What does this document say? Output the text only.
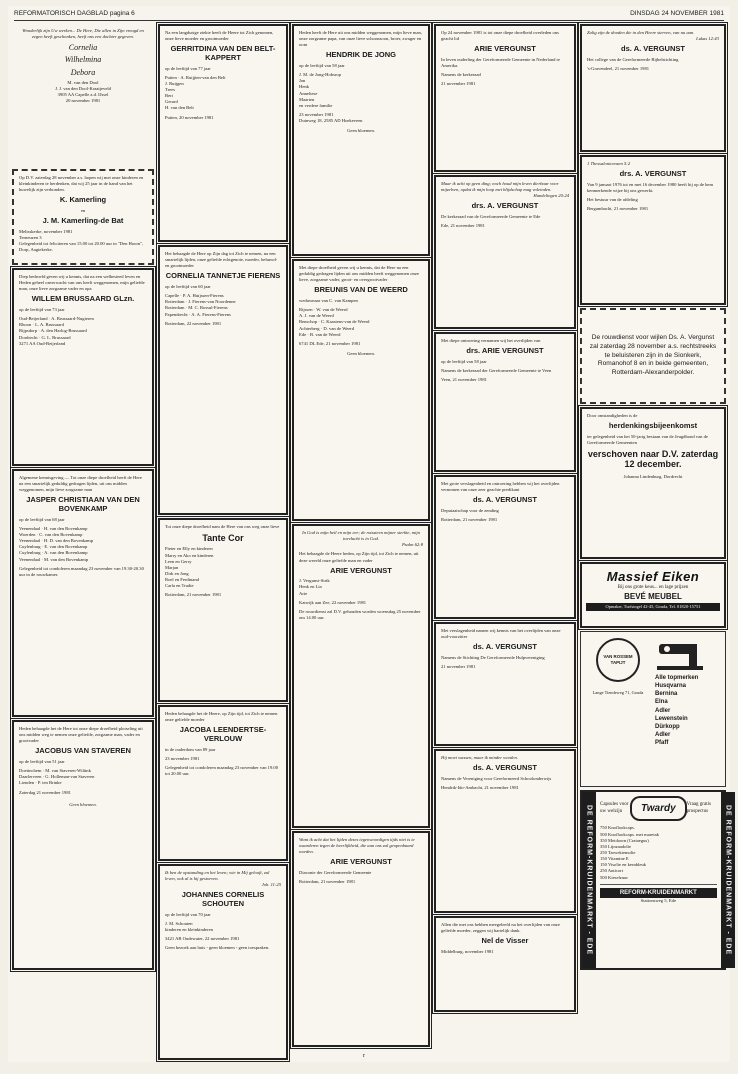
REFORMATORISCH DAGBLAD pagina 6	DINSDAG 24 NOVEMBER 1981
Wonderlijk zijn Uw werken... De Here, Die allen in Zijn vreugd en zegen heeft geschonken, heeft ons een dochter gegeven.
Cornelia
Wilhelmina
Debora
M. van den Dool
J. J. van den Dool-Kraaijeveld
3905 AA Capelle a.d. IJssel
20 november 1981
Op D.V. zaterdag 28 november a.s. hopen wij met onze kinderen en kleinkinderen te herdenken, dat wij 25 jaar in de hand van het huwelijk zijn verbonden.
K. Kamerling
en
J. M. Kamerling-de Bat
Melisskerke, november 1981
Terneuzen 3
Gelegenheid tot feliciteren van 15.00 tot 20.00 uur in "Den Hoorn", Dorp, Aagtekerke.
Diep bedroefd geven wij u kennis, dat na een welbesteed leven en Heden geheel onverwacht van ons heeft weggenomen, mijn geliefde man, onze lieve zorgzame vader en opa
WILLEM BRUSSAARD GLzn.
op de leeftijd van 73 jaar
Oud-Beijerland · A. Brussaard-Nugteren
Rhoon · L. A. Brussaard
Rijpsdorp · A. den Harlog-Brussaard
Dordrecht · G. L. Brussaard
3271 AA Oud-Beijerland
Algemene kennisgeving — Tot onze diepe droefheid heeft de Here na een smartelijk geduldig gedragen lijden, uit ons midden weggenomen, mijn lieve zorgzame man
JASPER CHRISTIAAN VAN DEN BOVENKAMP
op de leeftijd van 68 jaar
Veenendaal · H. van den Bovenkamp
Woerden · C. van den Bovenkamp
Veenendaal · H. D. van den Bovenkamp
Cuylenburg · E. van den Bovenkamp
Cuylenburg · A. van den Bovenkamp
Veenendaal · M. van den Bovenkamp
Gelegenheid tot condoleren maandag 23 november van 19.30-20.30 uur in de rouwkamer.
Heden behaagde het de Here tot onze diepe droefheid plotseling uit ons midden weg te nemen onze geliefde, zorgzame man, vader en grootvader
JACOBUS VAN STAVEREN
op de leeftijd van 51 jaar
Doetinchem · M. van Staveren-Wiltink
Daarlerveen · G. Holleman-van Staveren
Lienden · P. ten Brinke
Zaterdag 21 november 1981
Geen bloemen.
Na een langdurige ziekte heeft de Heere tot Zich genomen, onze lieve moeder en grootmoeder
GERRITDINA VAN DEN BELT-KAPPERT
op de leeftijd van 77 jaar
Putten · A. Ruijjten-van den Belt
J. Ruijgen
Trees
Bert
Gerard
H. van den Belt
Putten, 20 november 1981
Het behaagde de Here op Zijn dag tot Zich te nemen, na een smartelijk lijden, onze geliefde echtgenote, moeder, behuwd- en grootmoeder
CORNELIA TANNETJE FIERENS
op de leeftijd van 60 jaar
Capelle · P. A. Huijssen-Fierens
Rotterdam · J. Fierens-van Noordenne
Rotterdam · M. C. Rossul-Fierens
Papendrecht · A. A. Fierens-Fierens
Rotterdam, 22 november 1981
Tot onze diepe droefheid nam de Here van ons weg onze lieve
Tante Cor
Pieter en Elly en kinderen
Marry en Ako en kinderen
Leen en Gerry
Marjan
Dirk en Jong
Roel en Ferdinand
Carla en Trudie
Rotterdam, 21 november 1981
Heden behaagde het de Heere, op Zijn tijd, tot Zich te nemen onze geliefde moeder
JACOBA LEENDERTSE-VERLOUW
in de ouderdom van 89 jaar
23 november 1981
Gelegenheid tot condoleren maandag 23 november van 19.00 tot 20.00 uur.
Ik ben de opstanding en het leven; wie in Mij gelooft, zal leven, ook al is hij gestorven.
Joh. 11:25
JOHANNES CORNELIS SCHOUTEN
op de leeftijd van 70 jaar
J. M. Schouten
kinderen en kleinkinderen
3421 AB Oudewater, 22 november 1981
Geen bezoek aan huis - geen bloemen - geen toespraken.
Heden heeft de Here uit ons midden weggenomen, mijn lieve man, onze zorgzame papa, van onze lieve schoonzoon, broer, zwager en oom
HENDRIK DE JONG
op de leeftijd van 58 jaar
J. M. de Jong-Hobsrop
Jan
Henk
Anneliese
Maarten
en verdere familie
23 november 1981
Duinweg 18, 2585 AD Hoekeveen
Geen bloemen.
Met diepe droefheid geven wij u kennis, dat de Here na een geduldig gedragen lijden uit ons midden heeft weggenomen onze lieve, zorgzame vader, groot- en overgrootvader
BREUNIS VAN DE WEERD
weduwnaar van C. van Kampen
Rijssen · W. van de Weerd
A. J. van de Weerd
Benschop · C. Kaastens-van de Weerd
Achterberg · D. van de Weerd
Ede · B. van de Weerd
6741 DL Ede, 21 november 1981
Geen bloemen.
In God is mijn heil en mijn eer; de rotssteen mijner sterkte, mijn toevlucht is in God.
Psalm 62:8
Het behaagde de Heere heden, op Zijn tijd, tot Zich te nemen, uit deze wereld onze geliefde man en vader
ARIE VERGUNST
J. Vergunst-Strik
Henk en Lia
Arie
Katwijk aan Zee, 22 november 1981
De rouwdienst zal D.V. gehouden worden woensdag 25 november om 14.00 uur.
Want ik acht dat het lijden dezes tegenwoordigen tijds niet is te waarderen tegen de heerlijkheid, die aan ons zal geopenbaard worden.
ARIE VERGUNST
Diaconie der Gereformeerde Gemeente
Rotterdam, 21 november 1981
Op 24 november 1981 is tot onze diepe droefheid overleden ons geacht lid
ARIE VERGUNST
In leven ouderling der Gereformeerde Gemeente in Nederland te Amerika.
Namens de kerkeraad
21 november 1981
Maar ik acht op geen ding; noch houd mijn leven dierbaar voor mijzelven, opdat ik mijn loop met blijdschap mag voleinden.
Handelingen 20:24
drs. A. VERGUNST
De kerkeraad van de Gereformeerde Gemeente te Ede
Ede, 21 november 1981
Met diepe ontroering vernamen wij het overlijden van
drs. ARIE VERGUNST
op de leeftijd van 58 jaar
Namens de kerkeraad der Gereformeerde Gemeente te Veen
Veen, 21 november 1981
Met grote verslagenheid en ontroering hebben wij het overlijden vernomen van onze zeer geachte predikant
ds. A. VERGUNST
Deputaatschap voor de zending
Rotterdam, 21 november 1981
Met verslagenheid namen wij kennis van het overlijden van onze oud-voorzitter
ds. A. VERGUNST
Namens de Stichting De Gereformeerde Hulpvereniging
21 november 1981
Hij moet wassen, maar ik minder worden.
ds. A. VERGUNST
Namens de Vereniging voor Gereformeerd Schoolonderwijs
Hendrik-Ido-Ambacht, 21 november 1981
Allen die met ons hebben meegeleefd na het overlijden van onze geliefde moeder, zeggen wij hartelijk dank.
Nel de Visser
Middelburg, november 1981
Zalig zijn de dooden die in den Heere sterven, van nu aan.
Lukas 12:43
ds. A. VERGUNST
Het college van de Gereformeerde Bijbelstichting
's-Gravendeel, 21 november 1981
1 Thessalonicenzen 5:2
drs. A. VERGUNST
Van 9 januari 1976 tot en met 16 december 1980 heeft hij op de hem kenmerkende wijze bij ons gewerkt.
Het bestuur van de afdeling
Bergambacht, 21 november 1981
De rouwdienst voor wijlen Ds. A. Vergunst zal zaterdag 28 november a.s. rechtstreeks te beluisteren zijn in de Sionkerk, Romanohof 8 en in beide gemeenten, Rotterdam-Alexanderpolder.
Door omstandigheden is de
herdenkingsbijeenkomst
ter gelegenheid van het 50-jarig bestaan van de Jeugdbond van de Gereformeerde Gemeenten
verschoven naar D.V. zaterdag 12 december.
Johanna Lindenburg, Dordrecht
Massief Eiken
Bij ons grote keus... en lage prijzen
BEVÉ MEUBEL
Opmaker, Turfsingel 42-45, Gouda, Tel. 01820-15751
VAN ROSSEM TAPIJT
Lange Tiendeweg 71, Gouda
Alle topmerken
Husqvarna
Bernina
Elna
Adler
Lewenstein
Dürkopp
Adler
Pfaff
DE REFORM-KRUIDENMARKT - EDE
Capsules voor uw welzijn	Twardy	Vraag gratis prospectus
750 Knoflookcaps.
500 Knoflookcaps. met maretak
350 Meidoorn (Crataegus)
350 Lijnzaadolie
250 Tarwekiemolie
150 Vitamine E
150 Visolie en kernbleuk
250 Anticort
500 Kieselzuur
REFORM-KRUIDENMARKT
Stationsweg 5, Ede	DE REFORM-KRUIDENMARKT - EDE
r
